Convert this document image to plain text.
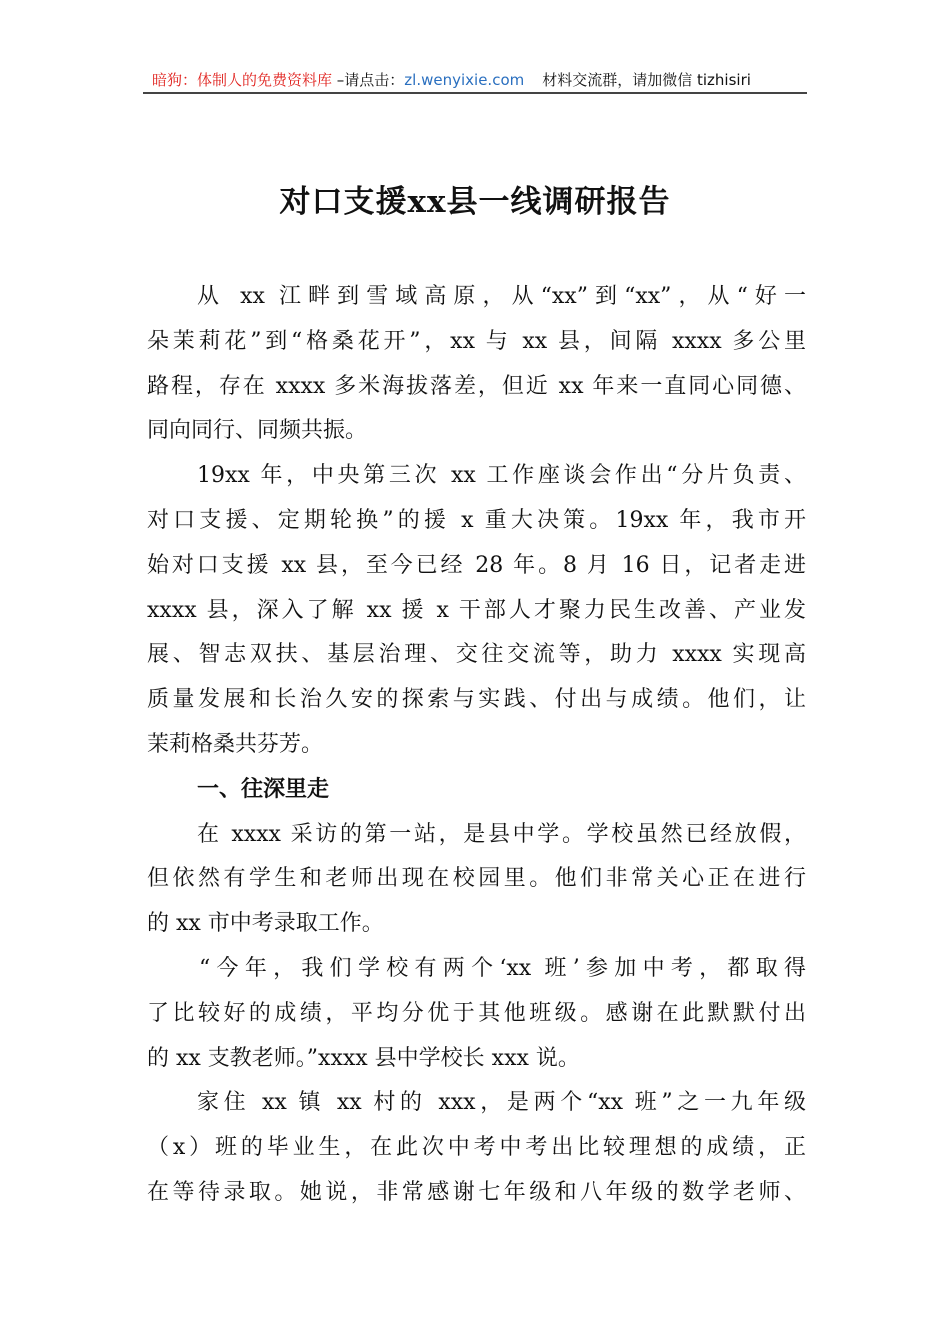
暗狗：体制人的免费资料库 –请点击：zl.wenyixie.com 材料交流群，请加微信 tizhisiri
对口支援xx县一线调研报告
从 xx 江畔到雪域高原，从“xx”到“xx”，从“好一
朵茉莉花”到“格桑花开”，xx 与 xx 县，间隔 xxxx 多公里
路程，存在 xxxx 多米海拔落差，但近 xx 年来一直同心同德、
同向同行、同频共振。
19xx 年，中央第三次 xx 工作座谈会作出“分片负责、
对口支援、定期轮换”的援 x 重大决策。19xx 年，我市开
始对口支援 xx 县，至今已经 28 年。8 月 16 日，记者走进
xxxx 县，深入了解 xx 援 x 干部人才聚力民生改善、产业发
展、智志双扶、基层治理、交往交流等，助力 xxxx 实现高
质量发展和长治久安的探索与实践、付出与成绩。他们，让
茉莉格桑共芬芳。
一、往深里走
在 xxxx 采访的第一站，是县中学。学校虽然已经放假，
但依然有学生和老师出现在校园里。他们非常关心正在进行
的 xx 市中考录取工作。
“今年，我们学校有两个‘xx 班’参加中考，都取得
了比较好的成绩，平均分优于其他班级。感谢在此默默付出
的 xx 支教老师。”xxxx 县中学校长 xxx 说。
家住 xx 镇 xx 村的 xxx，是两个“xx 班”之一九年级
（x）班的毕业生，在此次中考中考出比较理想的成绩，正
在等待录取。她说，非常感谢七年级和八年级的数学老师、
